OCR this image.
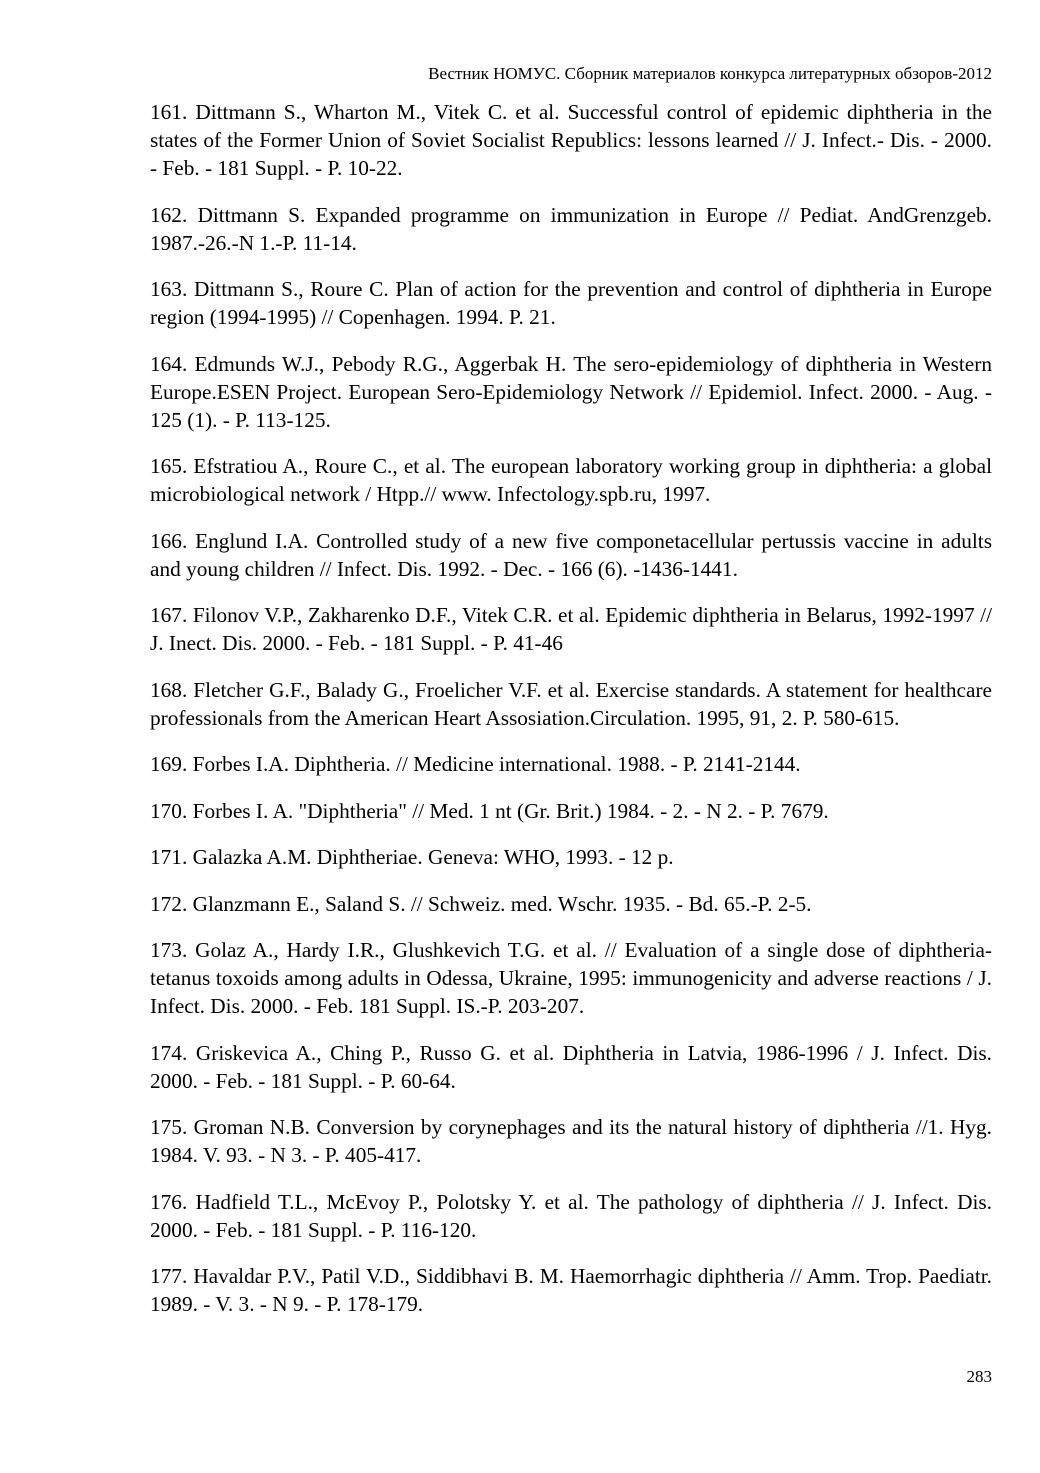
Вестник НОМУС. Сборник материалов конкурса литературных обзоров-2012
161. Dittmann S., Wharton M., Vitek C. et al. Successful control of epidemic diphtheria in the states of the Former Union of Soviet Socialist Republics: lessons learned // J. Infect.- Dis. - 2000. - Feb. - 181 Suppl. - P. 10-22.
162. Dittmann S. Expanded programme on immunization in Europe // Pediat. AndGrenzgeb. 1987.-26.-N 1.-P. 11-14.
163. Dittmann S., Roure C. Plan of action for the prevention and control of diphtheria in Europe region (1994-1995) // Copenhagen. 1994. P. 21.
164. Edmunds W.J., Pebody R.G., Aggerbak H. The sero-epidemiology of diphtheria in Western Europe.ESEN Project. European Sero-Epidemiology Network // Epidemiol. Infect. 2000. - Aug. - 125 (1). - P. 113-125.
165. Efstratiou A., Roure C., et al. The european laboratory working group in diphtheria: a global microbiological network / Htpp.// www. Infectology.spb.ru, 1997.
166. Englund I.A. Controlled study of a new five componetacellular pertussis vaccine in adults and young children // Infect. Dis. 1992. - Dec. - 166 (6). -1436-1441.
167. Filonov V.P., Zakharenko D.F., Vitek C.R. et al. Epidemic diphtheria in Belarus, 1992-1997 // J. Inect. Dis. 2000. - Feb. - 181 Suppl. - P. 41-46
168. Fletcher G.F., Balady G., Froelicher V.F. et al. Exercise standards. A statement for healthcare professionals from the American Heart Assosiation.Circulation. 1995, 91, 2. P. 580-615.
169. Forbes I.A. Diphtheria. // Medicine international. 1988. - P. 2141-2144.
170. Forbes I. A. "Diphtheria" // Med. 1 nt (Gr. Brit.) 1984. - 2. - N 2. - P. 7679.
171. Galazka A.M. Diphtheriae. Geneva: WHO, 1993. - 12 p.
172. Glanzmann E., Saland S. // Schweiz. med. Wschr. 1935. - Bd. 65.-P. 2-5.
173. Golaz A., Hardy I.R., Glushkevich T.G. et al. // Evaluation of a single dose of diphtheria-tetanus toxoids among adults in Odessa, Ukraine, 1995: immunogenicity and adverse reactions / J. Infect. Dis. 2000. - Feb. 181 Suppl. IS.-P. 203-207.
174. Griskevica A., Ching P., Russo G. et al. Diphtheria in Latvia, 1986-1996 / J. Infect. Dis. 2000. - Feb. - 181 Suppl. - P. 60-64.
175. Groman N.B. Conversion by corynephages and its the natural history of diphtheria //1. Hyg. 1984. V. 93. - N 3. - P. 405-417.
176. Hadfield T.L., McEvoy P., Polotsky Y. et al. The pathology of diphtheria // J. Infect. Dis. 2000. - Feb. - 181 Suppl. - P. 116-120.
177. Havaldar P.V., Patil V.D., Siddibhavi B. M. Haemorrhagic diphtheria // Amm. Trop. Paediatr. 1989. - V. 3. - N 9. - P. 178-179.
283
